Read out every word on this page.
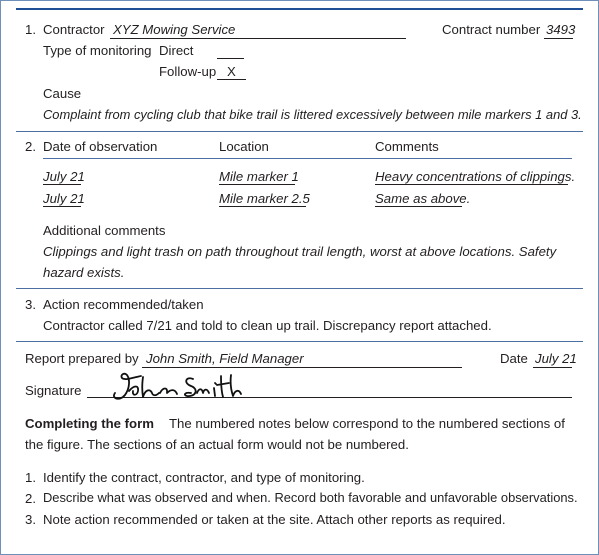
1. Contractor XYZ Mowing Service	Contract number 3493
Type of monitoring Direct
Follow-up X
Cause
Complaint from cycling club that bike trail is littered excessively between mile markers 1 and 3.
2. Date of observation	Location	Comments
July 21	Mile marker 1	Heavy concentrations of clippings.
July 21	Mile marker 2.5	Same as above.
Additional comments
Clippings and light trash on path throughout trail length, worst at above locations. Safety
hazard exists.
3. Action recommended/taken
Contractor called 7/21 and told to clean up trail. Discrepancy report attached.
Report prepared by John Smith, Field Manager	Date July 21
Signature
Completing the form The numbered notes below correspond to the numbered sections of
the figure. The sections of an actual form would not be numbered.
1. Identify the contract, contractor, and type of monitoring.
2. Describe what was observed and when. Record both favorable and unfavorable observations.
3. Note action recommended or taken at the site. Attach other reports as required.
